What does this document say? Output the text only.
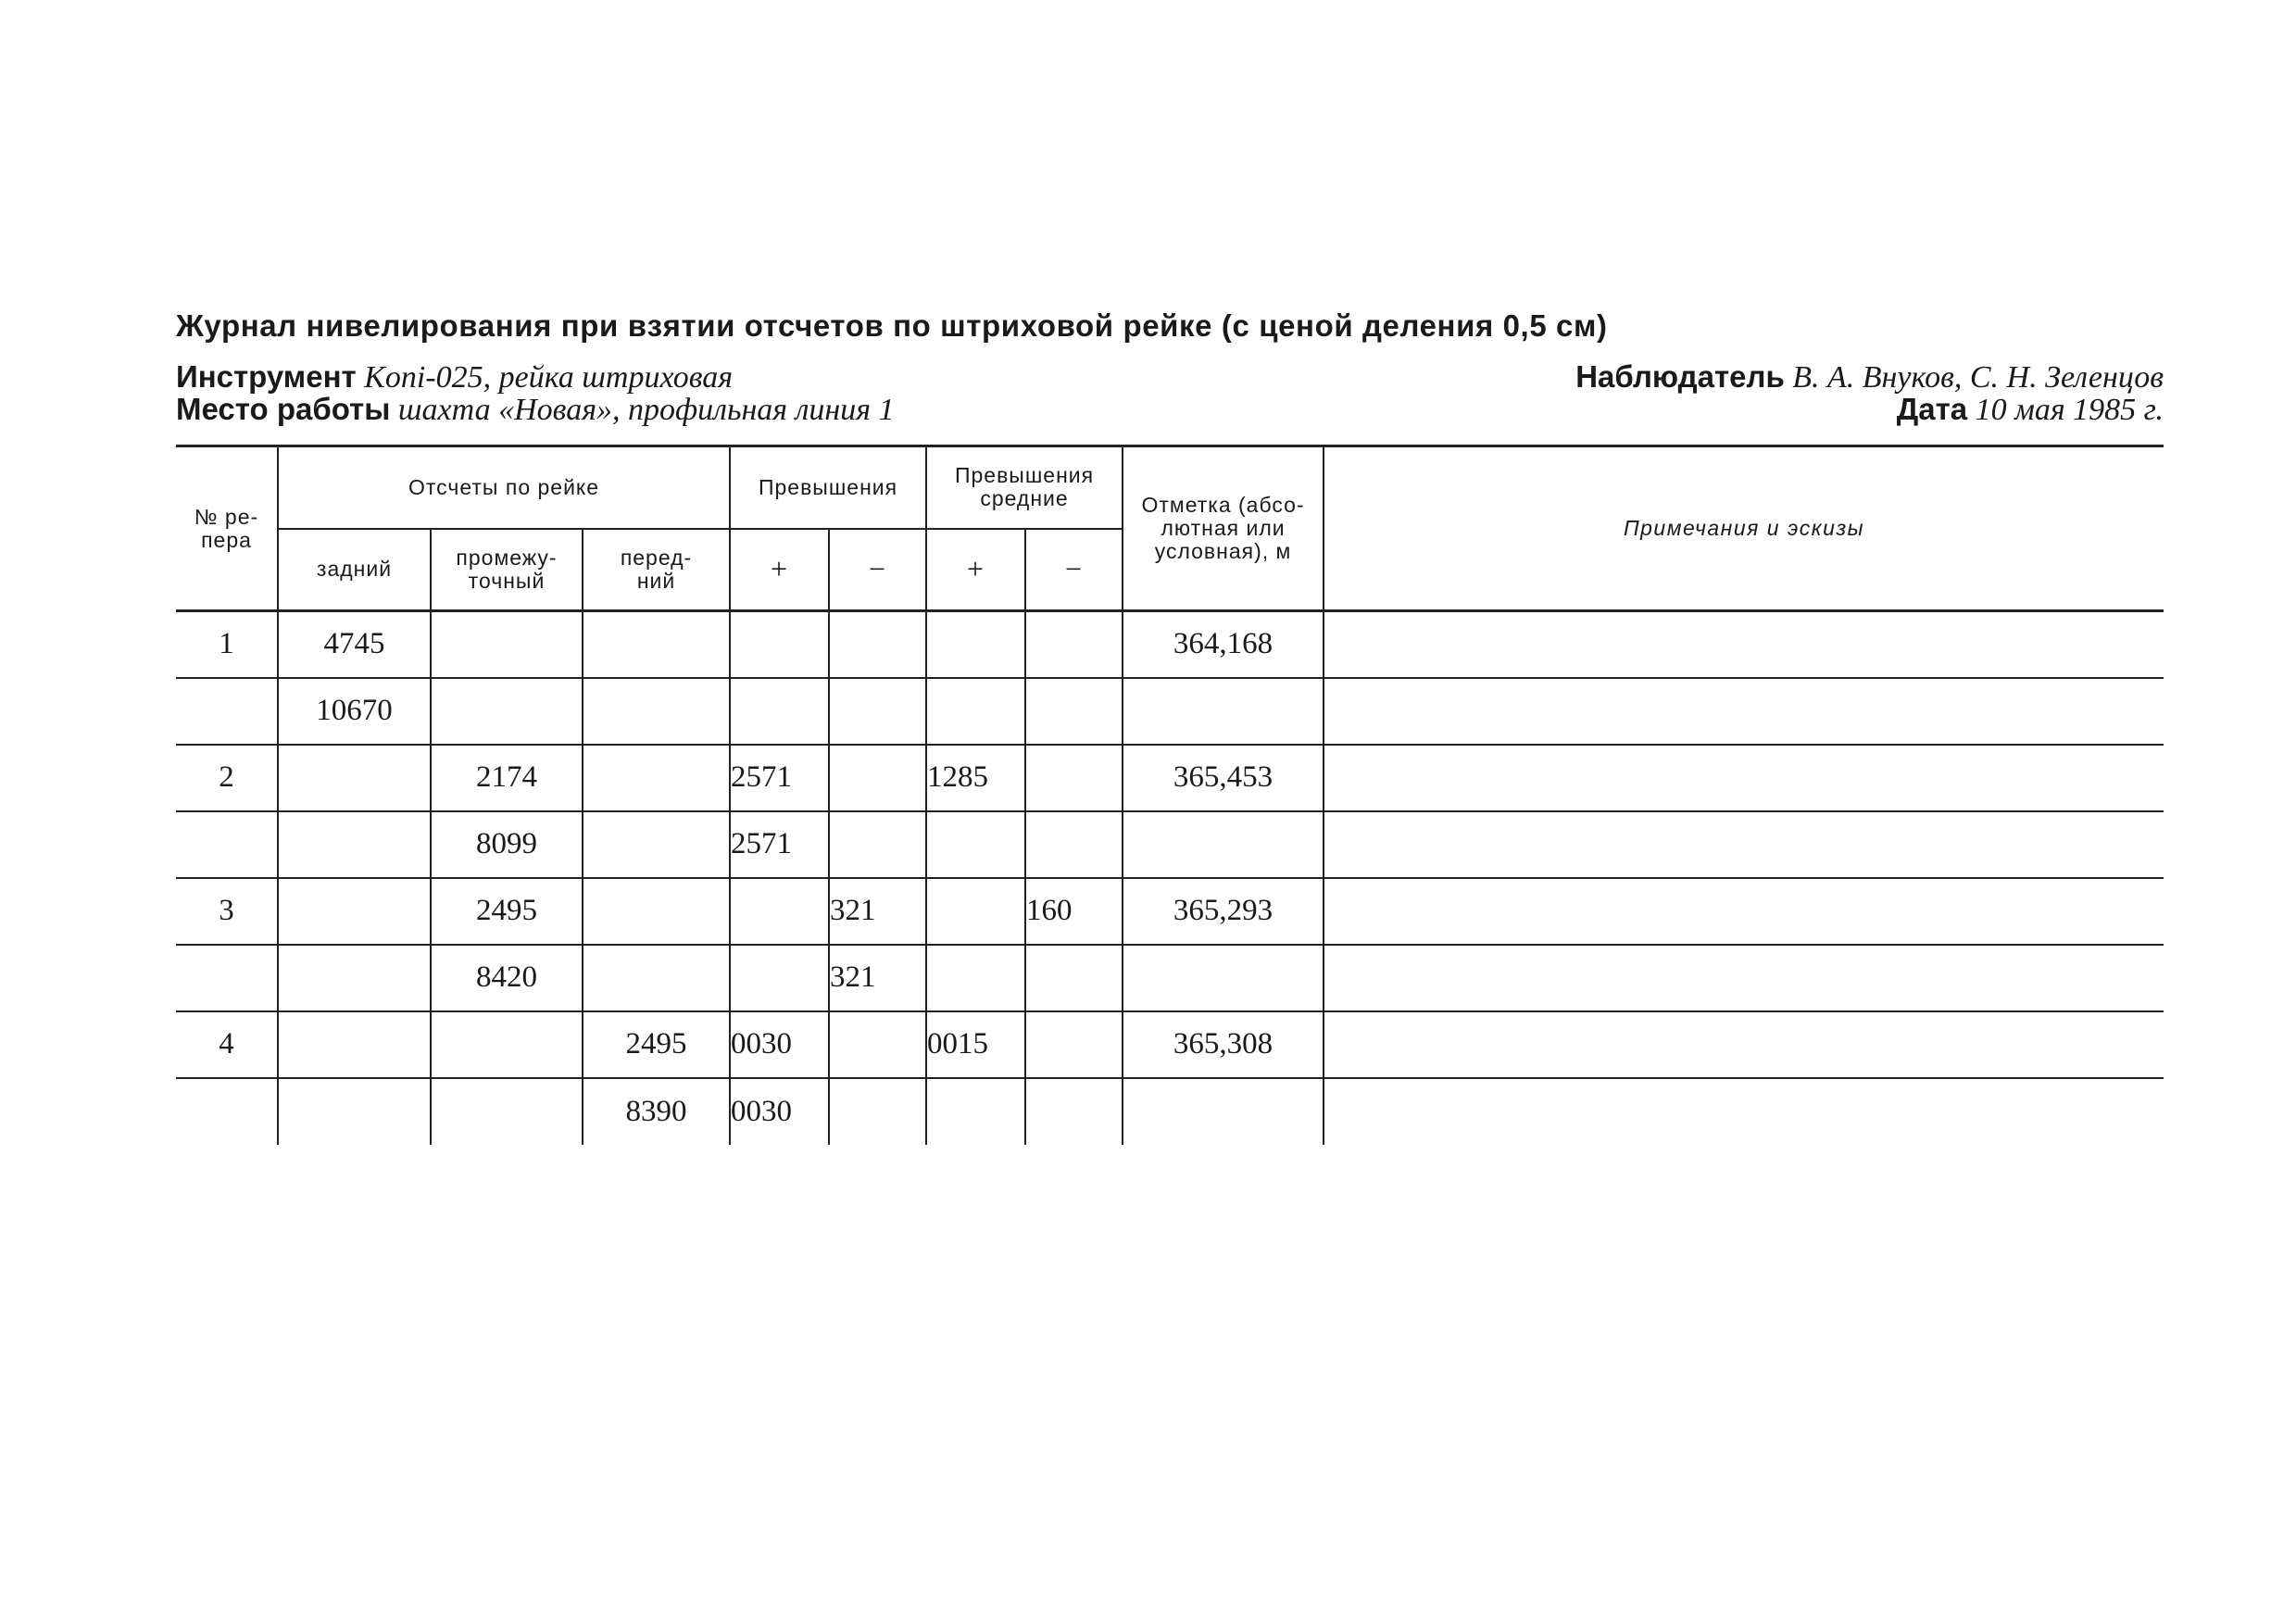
Журнал нивелирования при взятии отсчетов по штриховой рейке (с ценой деления 0,5 см)
Инструмент Koni-025, рейка штриховая
Место работы шахта «Новая», профильная линия 1
Наблюдатель В. А. Внуков, С. Н. Зеленцов
Дата 10 мая 1985 г.
№ ре-пера	Отсчеты по рейке			Превышения		Превышения средние		Отметка (абсо-лютная или условная), м	Примечания и эскизы
	задний	промежу-точный	перед-ний	+	−	+	−		
1	4745							364,168	
	10670								
2		2174		2571		1285		365,453	
		8099		2571					
3		2495			321		160	365,293	
		8420			321				
4			2495	0030		0015		365,308	
			8390	0030					
